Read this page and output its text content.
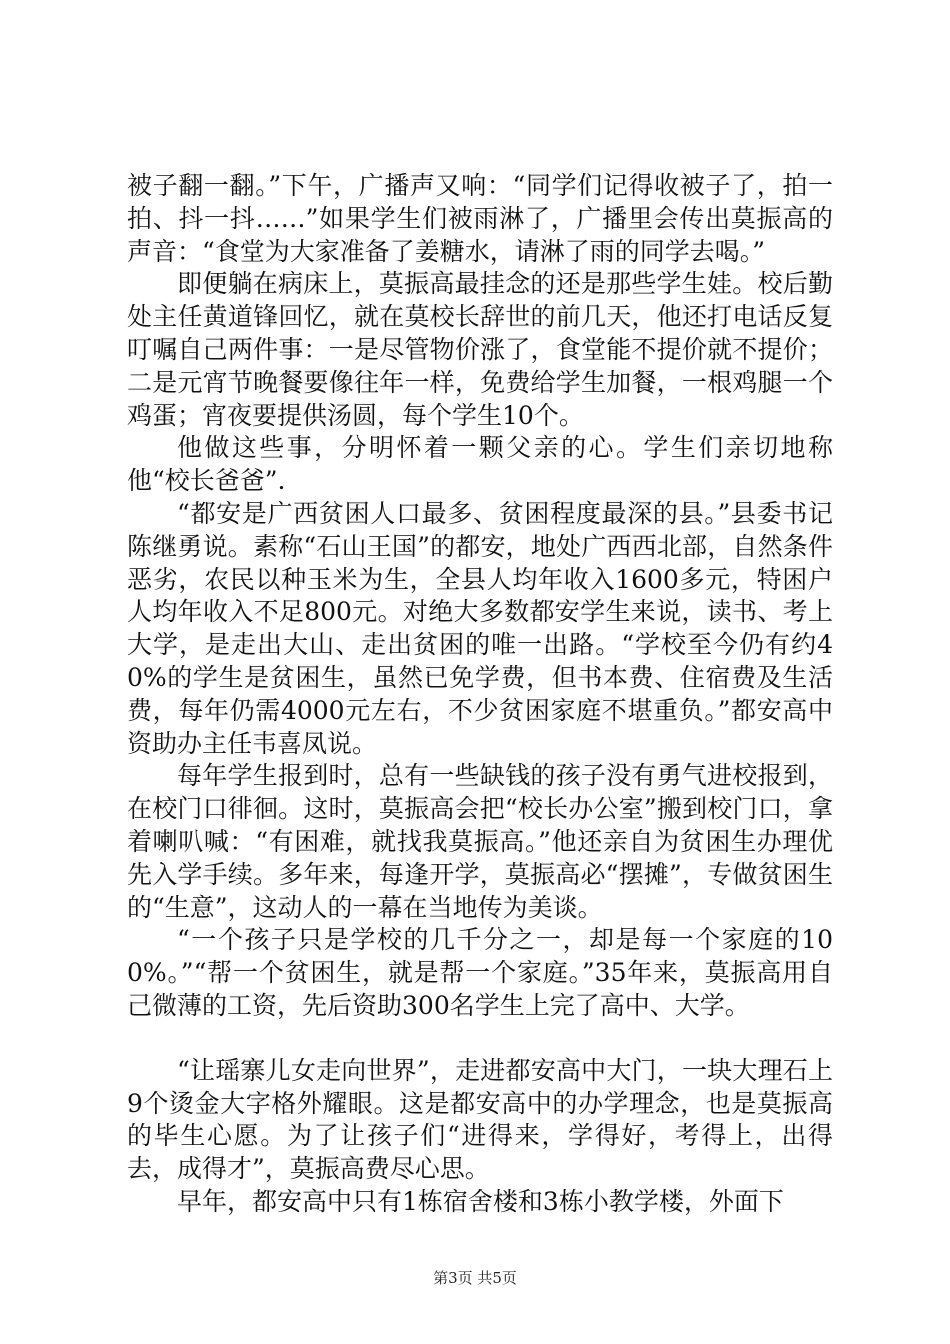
被子翻一翻。”下午，广播声又响：“同学们记得收被子了，拍一拍、抖一抖……”如果学生们被雨淋了，广播里会传出莫振高的声音：“食堂为大家准备了姜糖水，请淋了雨的同学去喝。”

即便躺在病床上，莫振高最挂念的还是那些学生娃。校后勤处主任黄道锋回忆，就在莫校长辞世的前几天，他还打电话反复叮嘱自己两件事：一是尽管物价涨了，食堂能不提价就不提价；二是元宵节晚餐要像往年一样，免费给学生加餐，一根鸡腿一个鸡蛋；宵夜要提供汤圆，每个学生10个。

他做这些事，分明怀着一颗父亲的心。学生们亲切地称他“校长爸爸”.

“都安是广西贫困人口最多、贫困程度最深的县。”县委书记陈继勇说。素称“石山王国”的都安，地处广西西北部，自然条件恶劣，农民以种玉米为生，全县人均年收入1600多元，特困户人均年收入不足800元。对绝大多数都安学生来说，读书、考上大学，是走出大山、走出贫困的唯一出路。“学校至今仍有约40%的学生是贫困生，虽然已免学费，但书本费、住宿费及生活费，每年仍需4000元左右，不少贫困家庭不堪重负。”都安高中资助办主任韦喜凤说。

每年学生报到时，总有一些缺钱的孩子没有勇气进校报到，在校门口徘徊。这时，莫振高会把“校长办公室”搬到校门口，拿着喇叭喊：“有困难，就找我莫振高。”他还亲自为贫困生办理优先入学手续。多年来，每逢开学，莫振高必“摆摊”，专做贫困生的“生意”，这动人的一幕在当地传为美谈。

“一个孩子只是学校的几千分之一，却是每一个家庭的100%。”“帮一个贫困生，就是帮一个家庭。”35年来，莫振高用自己微薄的工资，先后资助300名学生上完了高中、大学。

“让瑶寨儿女走向世界”，走进都安高中大门，一块大理石上9个烫金大字格外耀眼。这是都安高中的办学理念，也是莫振高的毕生心愿。为了让孩子们“进得来，学得好，考得上，出得去，成得才”，莫振高费尽心思。

早年，都安高中只有1栋宿舍楼和3栋小教学楼，外面下

第3页 共5页
